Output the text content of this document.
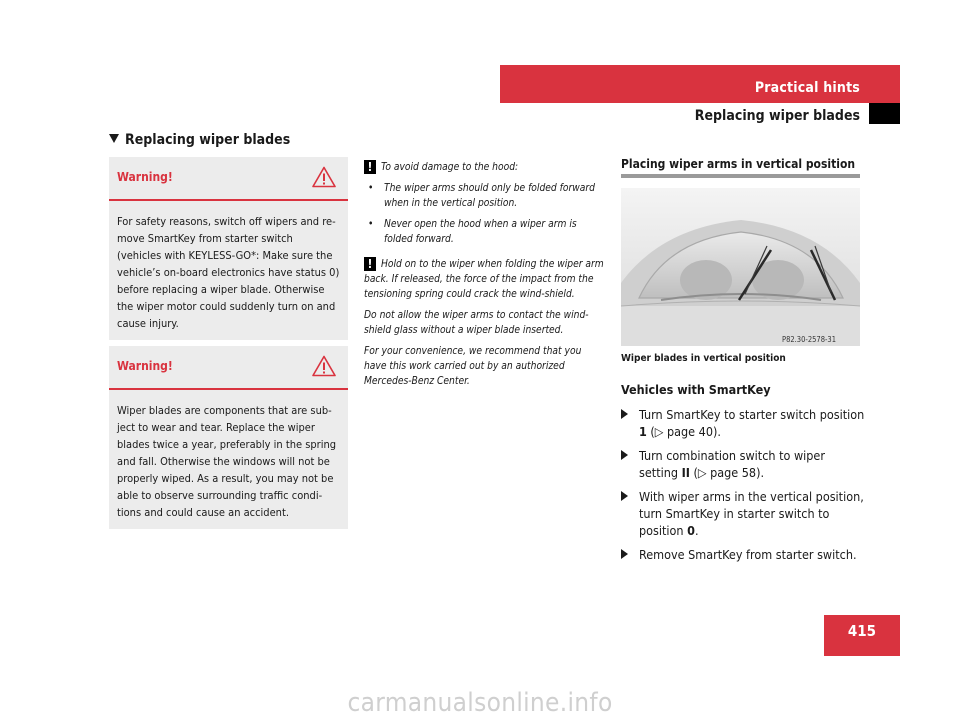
Practical hints
Replacing wiper blades
Replacing wiper blades
Warning!
For safety reasons, switch off wipers and re-move SmartKey from starter switch (vehicles with KEYLESS-GO*: Make sure the vehicle’s on-board electronics have status 0) before replacing a wiper blade. Otherwise the wiper motor could suddenly turn on and cause injury.
Warning!
Wiper blades are components that are sub-ject to wear and tear. Replace the wiper blades twice a year, preferably in the spring and fall. Otherwise the windows will not be properly wiped. As a result, you may not be able to observe surrounding traffic condi-tions and could cause an accident.
! To avoid damage to the hood:
• The wiper arms should only be folded forward when in the vertical position.
• Never open the hood when a wiper arm is folded forward.
! Hold on to the wiper when folding the wiper arm back. If released, the force of the impact from the tensioning spring could crack the wind-shield.
Do not allow the wiper arms to contact the wind-shield glass without a wiper blade inserted.
For your convenience, we recommend that you have this work carried out by an authorized Mercedes-Benz Center.
Placing wiper arms in vertical position
P82.30-2578-31
Wiper blades in vertical position
Vehicles with SmartKey
Turn SmartKey to starter switch position 1 (▷ page 40).
Turn combination switch to wiper setting II (▷ page 58).
With wiper arms in the vertical position, turn SmartKey in starter switch to position 0.
Remove SmartKey from starter switch.
415
carmanualsonline.info
